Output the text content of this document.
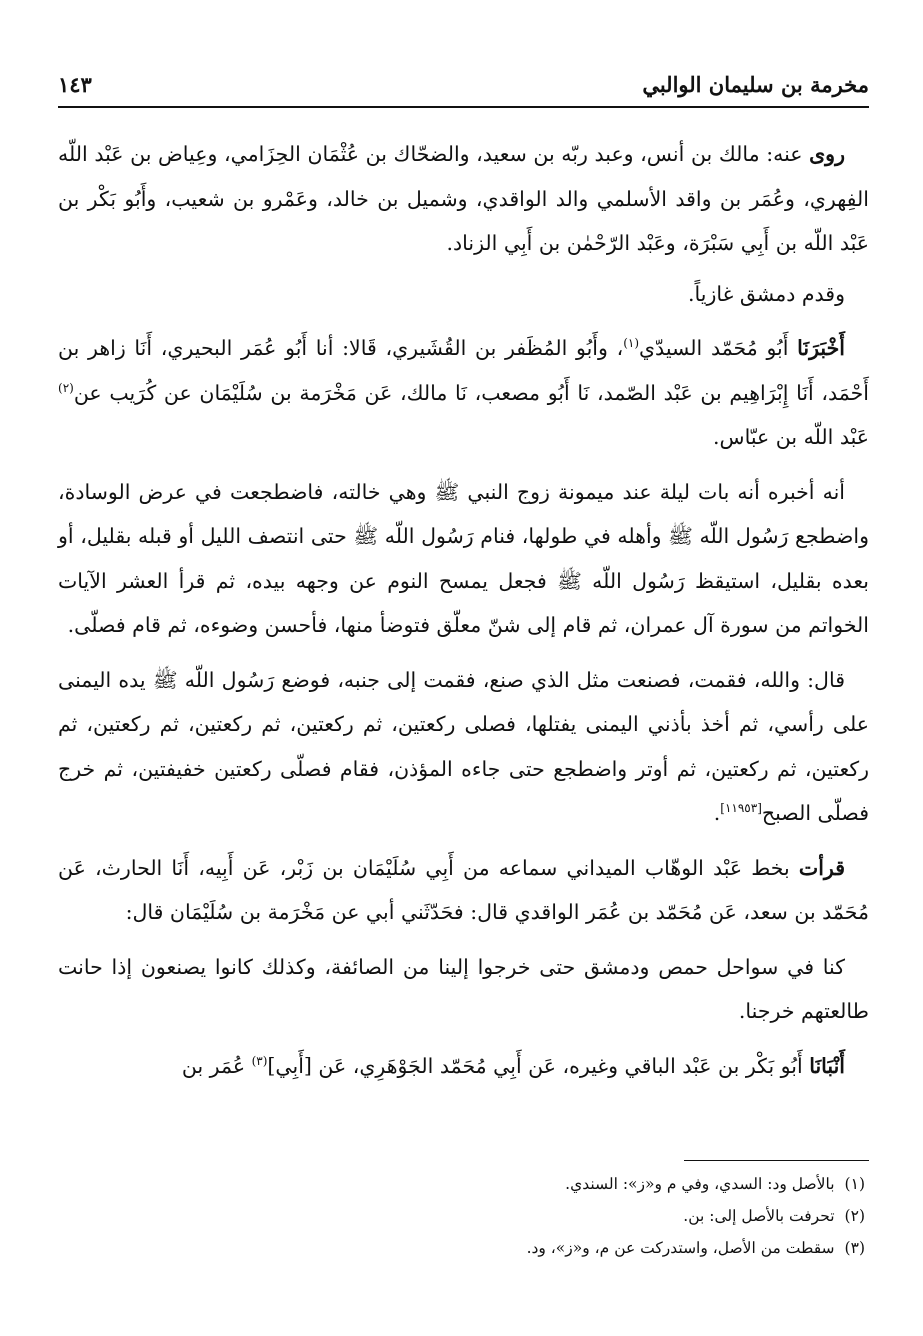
مخرمة بن سليمان الوالبي
١٤٣

روى عنه: مالك بن أنس، وعبد ربّه بن سعيد، والضحّاك بن عُثْمَان الحِزَامي، وعِياض بن عَبْد اللّه الفِهري، وعُمَر بن واقد الأسلمي والد الواقدي، وشميل بن خالد، وعَمْرو بن شعيب، وأَبُو بَكْر بن عَبْد اللّه بن أَبِي سَبْرَة، وعَبْد الرّحْمٰن بن أَبِي الزناد.

وقدم دمشق غازياً.

أَخْبَرَنَا أَبُو مُحَمّد السيدّي$^{(١)}$، وأَبُو المُظَفر بن القُشَيري، قَالا: أنا أَبُو عُمَر البحيري، أَنَا زاهر بن أَحْمَد، أَنَا إِبْرَاهِيم بن عَبْد الصّمد، نَا أَبُو مصعب، نَا مالك، عَن مَخْرَمة بن سُلَيْمَان عن كُرَيب عن$^{(٢)}$ عَبْد اللّه بن عبّاس.

أنه أخبره أنه بات ليلة عند ميمونة زوج النبي ﷺ وهي خالته، فاضطجعت في عرض الوسادة، واضطجع رَسُول اللّه ﷺ وأهله في طولها، فنام رَسُول اللّه ﷺ حتى انتصف الليل أو قبله بقليل، أو بعده بقليل، استيقظ رَسُول اللّه ﷺ فجعل يمسح النوم عن وجهه بيده، ثم قرأ العشر الآيات الخواتم من سورة آل عمران، ثم قام إلى شنّ معلّق فتوضأ منها، فأحسن وضوءه، ثم قام فصلّى.

قال: والله، فقمت، فصنعت مثل الذي صنع، فقمت إلى جنبه، فوضع رَسُول اللّه ﷺ يده اليمنى على رأسي، ثم أخذ بأذني اليمنى يفتلها، فصلى ركعتين، ثم ركعتين، ثم ركعتين، ثم ركعتين، ثم ركعتين، ثم ركعتين، ثم أوتر واضطجع حتى جاءه المؤذن، فقام فصلّى ركعتين خفيفتين، ثم خرج فصلّى الصبح[١١٩٥٣].

قرأت بخط عَبْد الوهّاب الميداني سماعه من أَبِي سُلَيْمَان بن زَبْر، عَن أَبِيه، أَنَا الحارث، عَن مُحَمّد بن سعد، عَن مُحَمّد بن عُمَر الواقدي قال: فحَدّثَني أبي عن مَخْرَمة بن سُلَيْمَان قال:

كنا في سواحل حمص ودمشق حتى خرجوا إلينا من الصائفة، وكذلك كانوا يصنعون إذا حانت طالعتهم خرجنا.

أَنْبَانَا أَبُو بَكْر بن عَبْد الباقي وغيره، عَن أَبِي مُحَمّد الجَوْهَرِي، عَن [أَبِي]$^{(٣)}$ عُمَر بن

(١)
بالأصل ود: السدي، وفي م و«ز»: السندي.
(٢)
تحرفت بالأصل إلى: بن.
(٣)
سقطت من الأصل، واستدركت عن م، و«ز»، ود.
